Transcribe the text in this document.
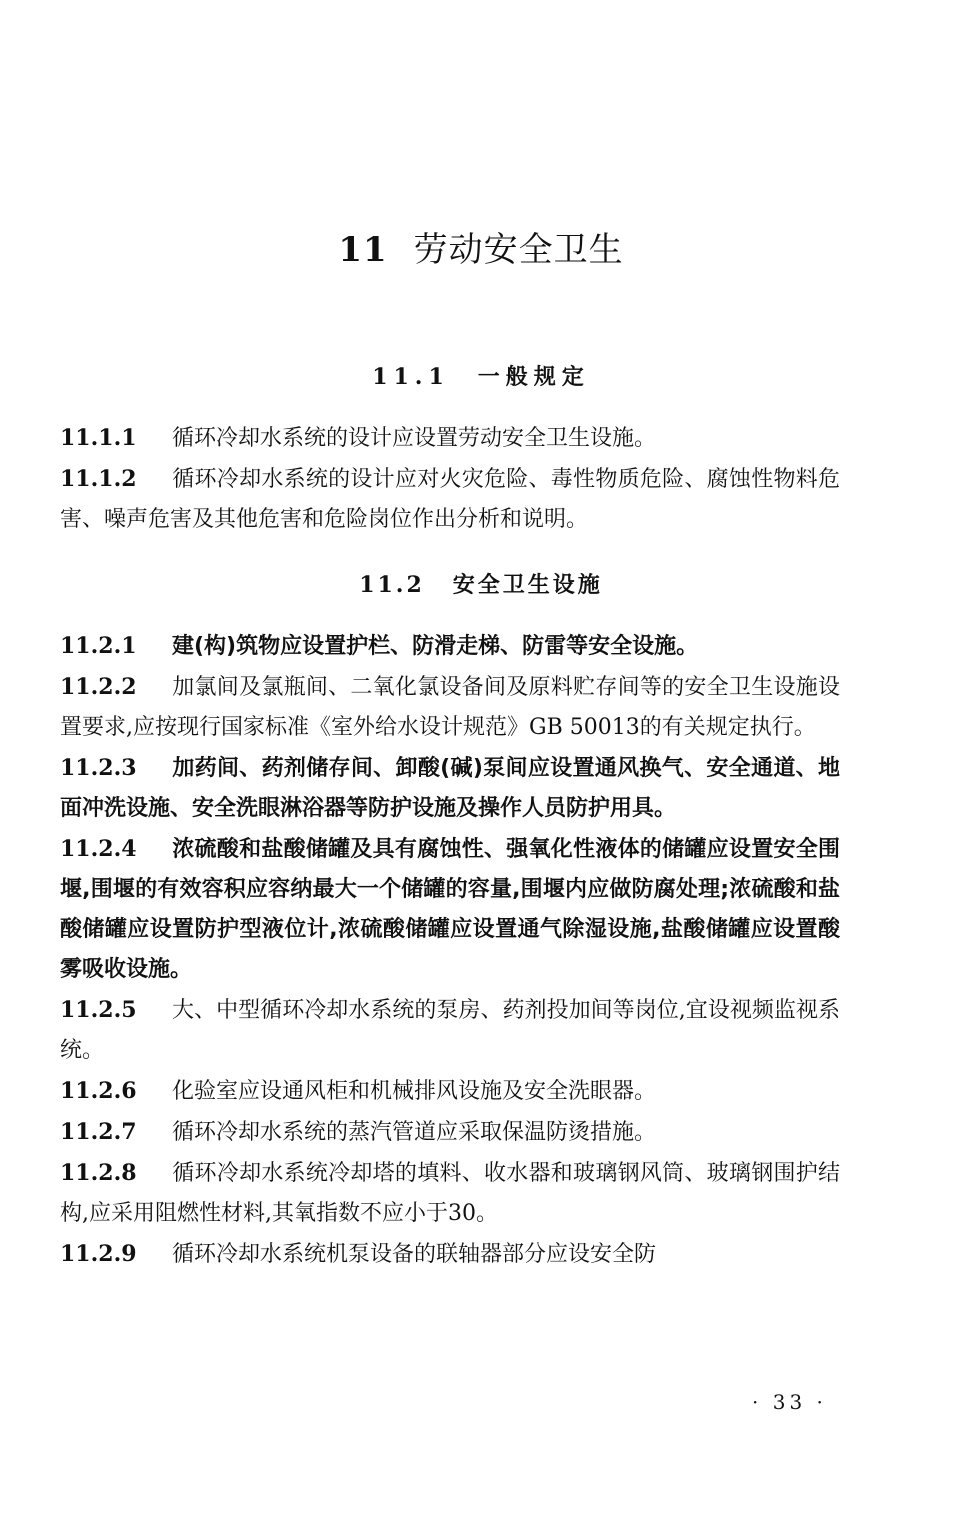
11 劳动安全卫生
11.1 一般规定

11.1.1 循环冷却水系统的设计应设置劳动安全卫生设施。

11.1.2 循环冷却水系统的设计应对火灾危险、毒性物质危险、腐蚀性物料危害、噪声危害及其他危害和危险岗位作出分析和说明。

11.2 安全卫生设施

11.2.1 建(构)筑物应设置护栏、防滑走梯、防雷等安全设施。

11.2.2 加氯间及氯瓶间、二氧化氯设备间及原料贮存间等的安全卫生设施设置要求,应按现行国家标准《室外给水设计规范》GB 50013的有关规定执行。

11.2.3 加药间、药剂储存间、卸酸(碱)泵间应设置通风换气、安全通道、地面冲洗设施、安全洗眼淋浴器等防护设施及操作人员防护用具。

11.2.4 浓硫酸和盐酸储罐及具有腐蚀性、强氧化性液体的储罐应设置安全围堰,围堰的有效容积应容纳最大一个储罐的容量,围堰内应做防腐处理;浓硫酸和盐酸储罐应设置防护型液位计,浓硫酸储罐应设置通气除湿设施,盐酸储罐应设置酸雾吸收设施。

11.2.5 大、中型循环冷却水系统的泵房、药剂投加间等岗位,宜设视频监视系统。

11.2.6 化验室应设通风柜和机械排风设施及安全洗眼器。

11.2.7 循环冷却水系统的蒸汽管道应采取保温防烫措施。

11.2.8 循环冷却水系统冷却塔的填料、收水器和玻璃钢风筒、玻璃钢围护结构,应采用阻燃性材料,其氧指数不应小于30。

11.2.9 循环冷却水系统机泵设备的联轴器部分应设安全防

· 33 ·
